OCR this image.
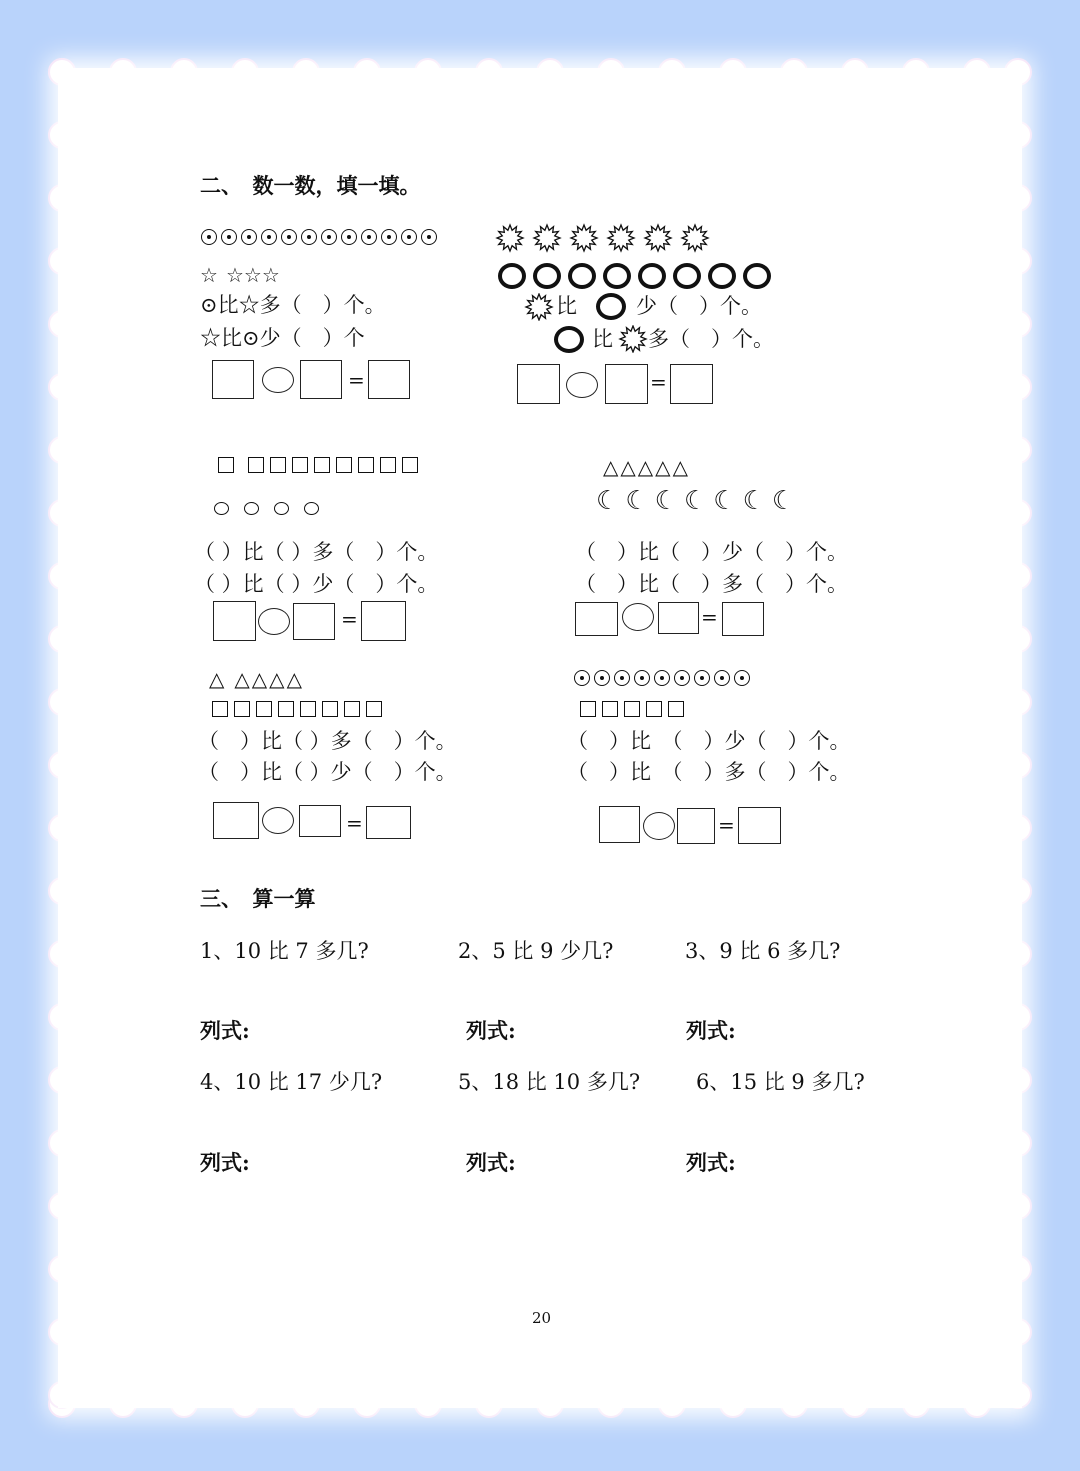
二、　数一数，填一填。
☆ ☆ ☆ ☆
⊙比☆多（　）个。
☆比⊙少（　）个
=
比	少（　）个。
比 多（　）个。
=
（ ）比（ ）多（　）个。
（ ）比（ ）少（　）个。
=
△ △ △ △ △
☾ ☾ ☾ ☾ ☾ ☾ ☾
（　）比（　）少（　）个。
（　）比（　）多（　）个。
=
△ △ △ △ △
（　）比（ ）多（　）个。
（　）比（ ）少（　）个。
=
（　）比　（　）少（　）个。
（　）比　（　）多（　）个。
=
三、　算一算
1、10 比 7 多几?	2、5 比 9 少几?	3、9 比 6 多几?
列式:	列式:	列式:
4、10 比 17 少几?	5、18 比 10 多几?	6、15 比 9 多几?
列式:	列式:	列式:
20
